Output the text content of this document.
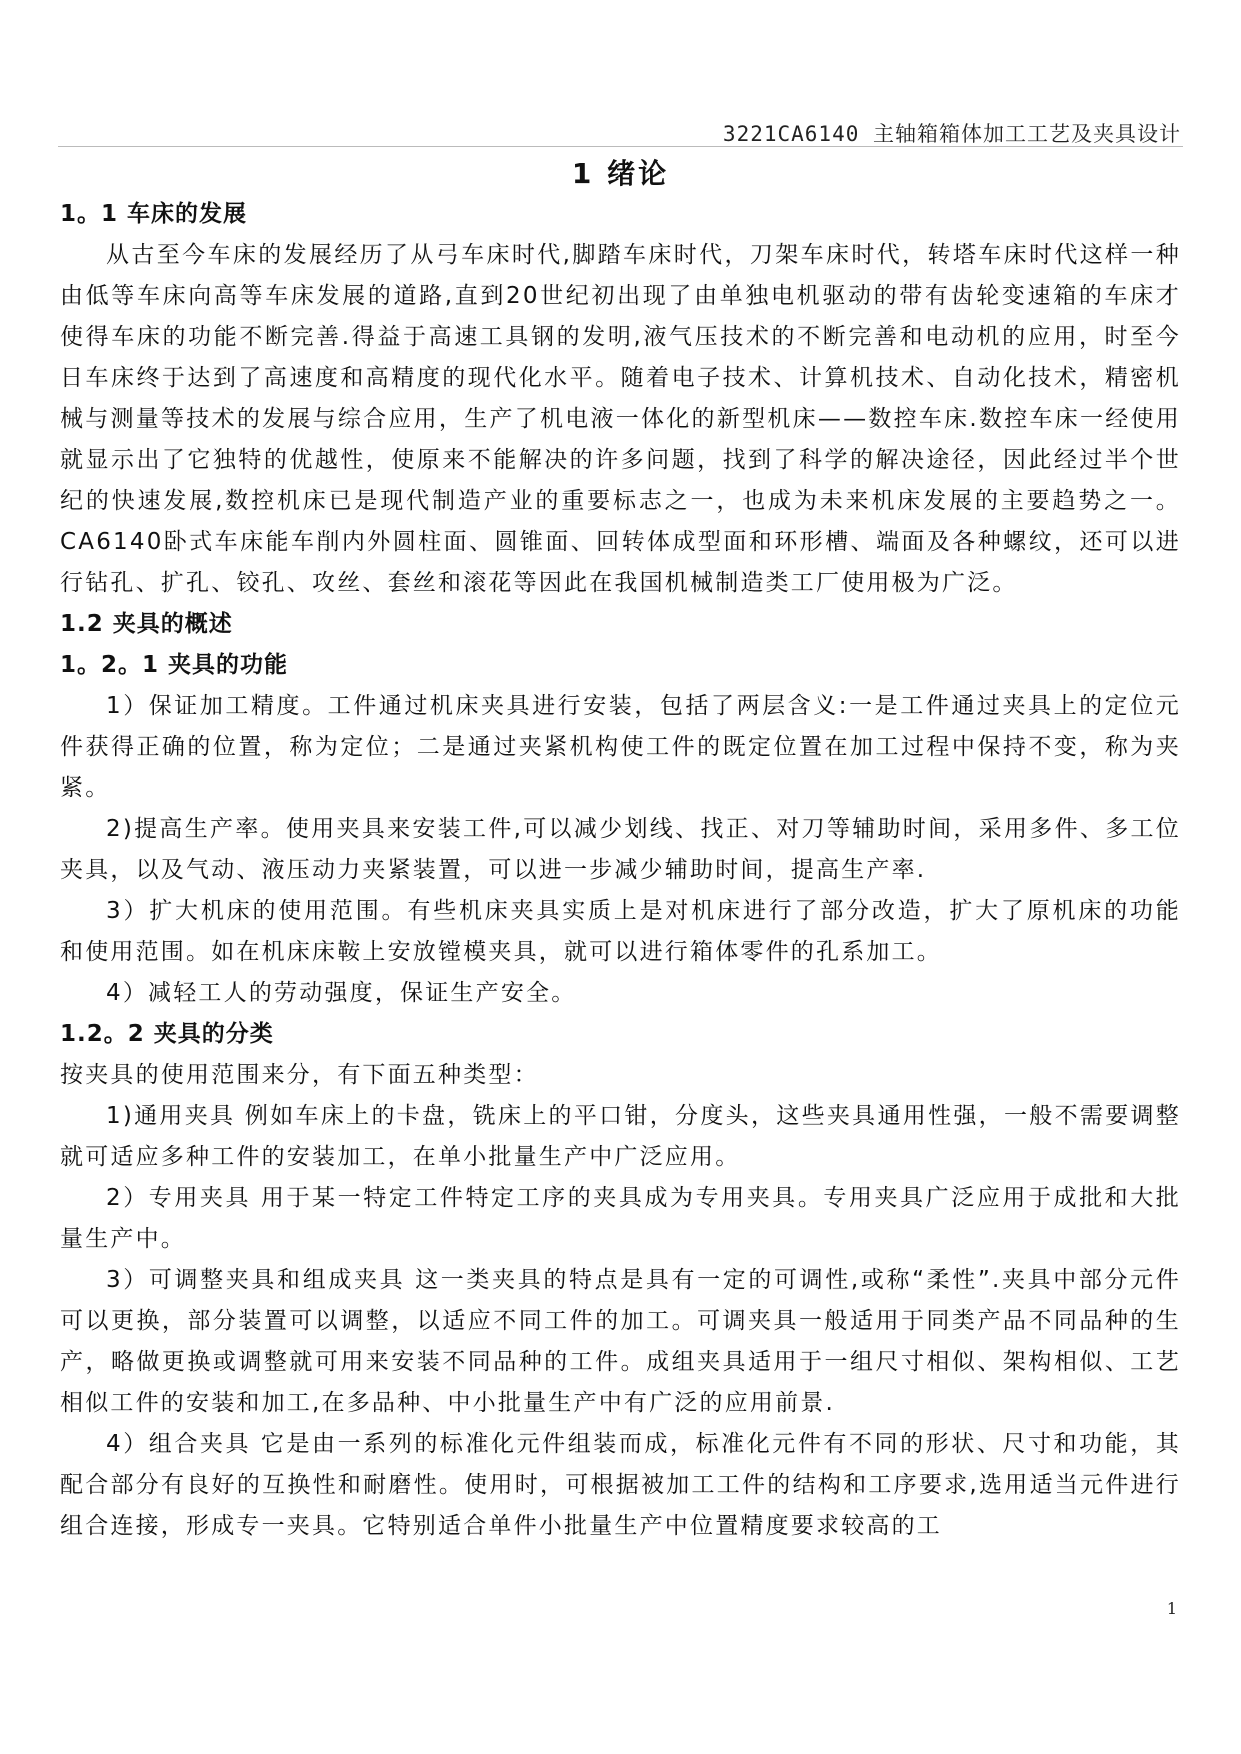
3221CA6140 主轴箱箱体加工工艺及夹具设计
1 绪论
1。1 车床的发展

从古至今车床的发展经历了从弓车床时代,脚踏车床时代，刀架车床时代，转塔车床时代这样一种由低等车床向高等车床发展的道路,直到20世纪初出现了由单独电机驱动的带有齿轮变速箱的车床才使得车床的功能不断完善.得益于高速工具钢的发明,液气压技术的不断完善和电动机的应用，时至今日车床终于达到了高速度和高精度的现代化水平。随着电子技术、计算机技术、自动化技术，精密机械与测量等技术的发展与综合应用，生产了机电液一体化的新型机床——数控车床.数控车床一经使用就显示出了它独特的优越性，使原来不能解决的许多问题，找到了科学的解决途径，因此经过半个世纪的快速发展,数控机床已是现代制造产业的重要标志之一，也成为未来机床发展的主要趋势之一。CA6140卧式车床能车削内外圆柱面、圆锥面、回转体成型面和环形槽、端面及各种螺纹，还可以进行钻孔、扩孔、铰孔、攻丝、套丝和滚花等因此在我国机械制造类工厂使用极为广泛。

1.2 夹具的概述
1。2。1 夹具的功能

1）保证加工精度。工件通过机床夹具进行安装，包括了两层含义:一是工件通过夹具上的定位元件获得正确的位置，称为定位；二是通过夹紧机构使工件的既定位置在加工过程中保持不变，称为夹紧。

2)提高生产率。使用夹具来安装工件,可以减少划线、找正、对刀等辅助时间，采用多件、多工位夹具，以及气动、液压动力夹紧装置，可以进一步减少辅助时间，提高生产率.

3）扩大机床的使用范围。有些机床夹具实质上是对机床进行了部分改造，扩大了原机床的功能和使用范围。如在机床床鞍上安放镗模夹具，就可以进行箱体零件的孔系加工。

4）减轻工人的劳动强度，保证生产安全。

1.2。2 夹具的分类

按夹具的使用范围来分，有下面五种类型：

1)通用夹具 例如车床上的卡盘，铣床上的平口钳，分度头，这些夹具通用性强，一般不需要调整就可适应多种工件的安装加工，在单小批量生产中广泛应用。

2）专用夹具 用于某一特定工件特定工序的夹具成为专用夹具。专用夹具广泛应用于成批和大批量生产中。

3）可调整夹具和组成夹具 这一类夹具的特点是具有一定的可调性,或称“柔性”.夹具中部分元件可以更换，部分装置可以调整，以适应不同工件的加工。可调夹具一般适用于同类产品不同品种的生产，略做更换或调整就可用来安装不同品种的工件。成组夹具适用于一组尺寸相似、架构相似、工艺相似工件的安装和加工,在多品种、中小批量生产中有广泛的应用前景.

4）组合夹具 它是由一系列的标准化元件组装而成，标准化元件有不同的形状、尺寸和功能，其配合部分有良好的互换性和耐磨性。使用时，可根据被加工工件的结构和工序要求,选用适当元件进行组合连接，形成专一夹具。它特别适合单件小批量生产中位置精度要求较高的工

1
